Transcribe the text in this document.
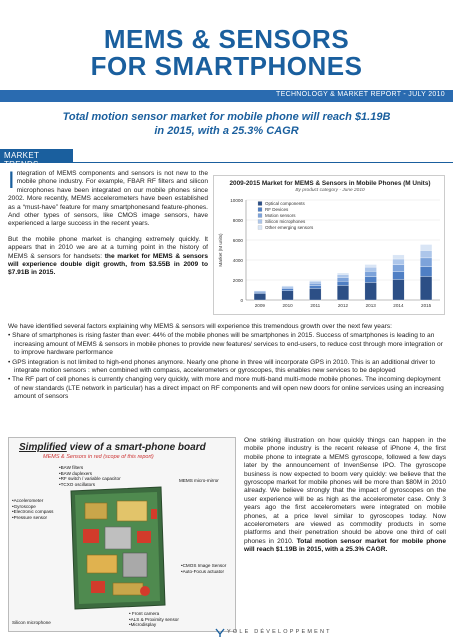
MEMS & SENSORS
FOR SMARTPHONES
TECHNOLOGY & MARKET REPORT - JULY 2010
Total motion sensor market for mobile phone will reach $1.19B
in 2015, with a 25.3% CAGR
MARKET TRENDS

Integration of MEMS components and sensors is not new to the mobile phone industry. For example, FBAR RF filters and silicon microphones have been integrated on our mobile phones since 2002. More recently, MEMS accelerometers have been established as a “must-have” feature for many smartphonesand feature-phones. And other types of sensors, like CMOS image sensors, have experienced a large success in the recent years.

But the mobile phone market is changing extremely quickly. It appears that in 2010 we are at a turning point in the history of MEMS & sensors for handsets: the market for MEMS & sensors will experience double digit growth, from $3.55B in 2009 to $7.91B in 2015.

2009-2015 Market for MEMS & Sensors in Mobile Phones (M Units)
By product category - June 2010
0
2000
4000
6000
8000
10000
Market (M units)
2009	2010	2011	2012	2013	2014	2015
Optical components
RF Devices
Motion sensors
Silicon microphones
Other emerging sensors

We have identified several factors explaining why MEMS & sensors will experience this tremendous growth over the next few years:

• Share of smartphones is rising faster than ever: 44% of the mobile phones will be smartphones in 2015. Success of smartphones is leading to an increasing amount of MEMS & sensors in mobile phones to provide new features/ services to end-users, to reduce cost through more integration or to improve hardware performance

• GPS integration is not limited to high-end phones anymore. Nearly one phone in three will incorporate GPS in 2010. This is an additional driver to integrate motion sensors : when combined with compass, accelerometers or gyroscopes, this enables new services to be deployed

• The RF part of cell phones is currently changing very quickly, with more and more multi-band multi-mode mobile phones. The incoming deployment of new standards (LTE network in particular) has a direct impact on RF components and will open new doors for online services using an increasing amount of sensors

Simplified view of a smart-phone board
MEMS & Sensors in red (scope of this report)
•BAW filters
•BAW duplexers
•RF switch / variable capacitor
•TCXO oscillators
•Accelerometer
•Gyroscope
•Electronic compass
•Pressure sensor
MEMS micro-mirror
•CMOS Image Sensor
•Auto-Focus actuator
• Front camera
•ALS & Proximity sensor
•Microdisplay
Silicon microphone
One striking illustration on how quickly things can happen in the mobile phone industry is the recent release of iPhone 4, the first mobile phone to integrate a MEMS gyroscope, followed a few days later by the announcement of InvenSense IPO. The gyroscope business is now expected to boom very quickly: we believe that the gyroscope market for mobile phones will be more than $80M in 2010 already. We believe strongly that the impact of gyroscopes on the user experience will be as high as the accelerometer case. Only 3 years ago the first accelerometers were integrated on mobile phones, at a price level similar to gyroscopes today. Now accelerometers are viewed as commodity products in some platforms and their penetration should be above one third of cell phones in 2010. Total motion sensor market for mobile phone will reach $1.19B in 2015, with a 25.3% CAGR.
YOLE DÉVELOPPEMENT
